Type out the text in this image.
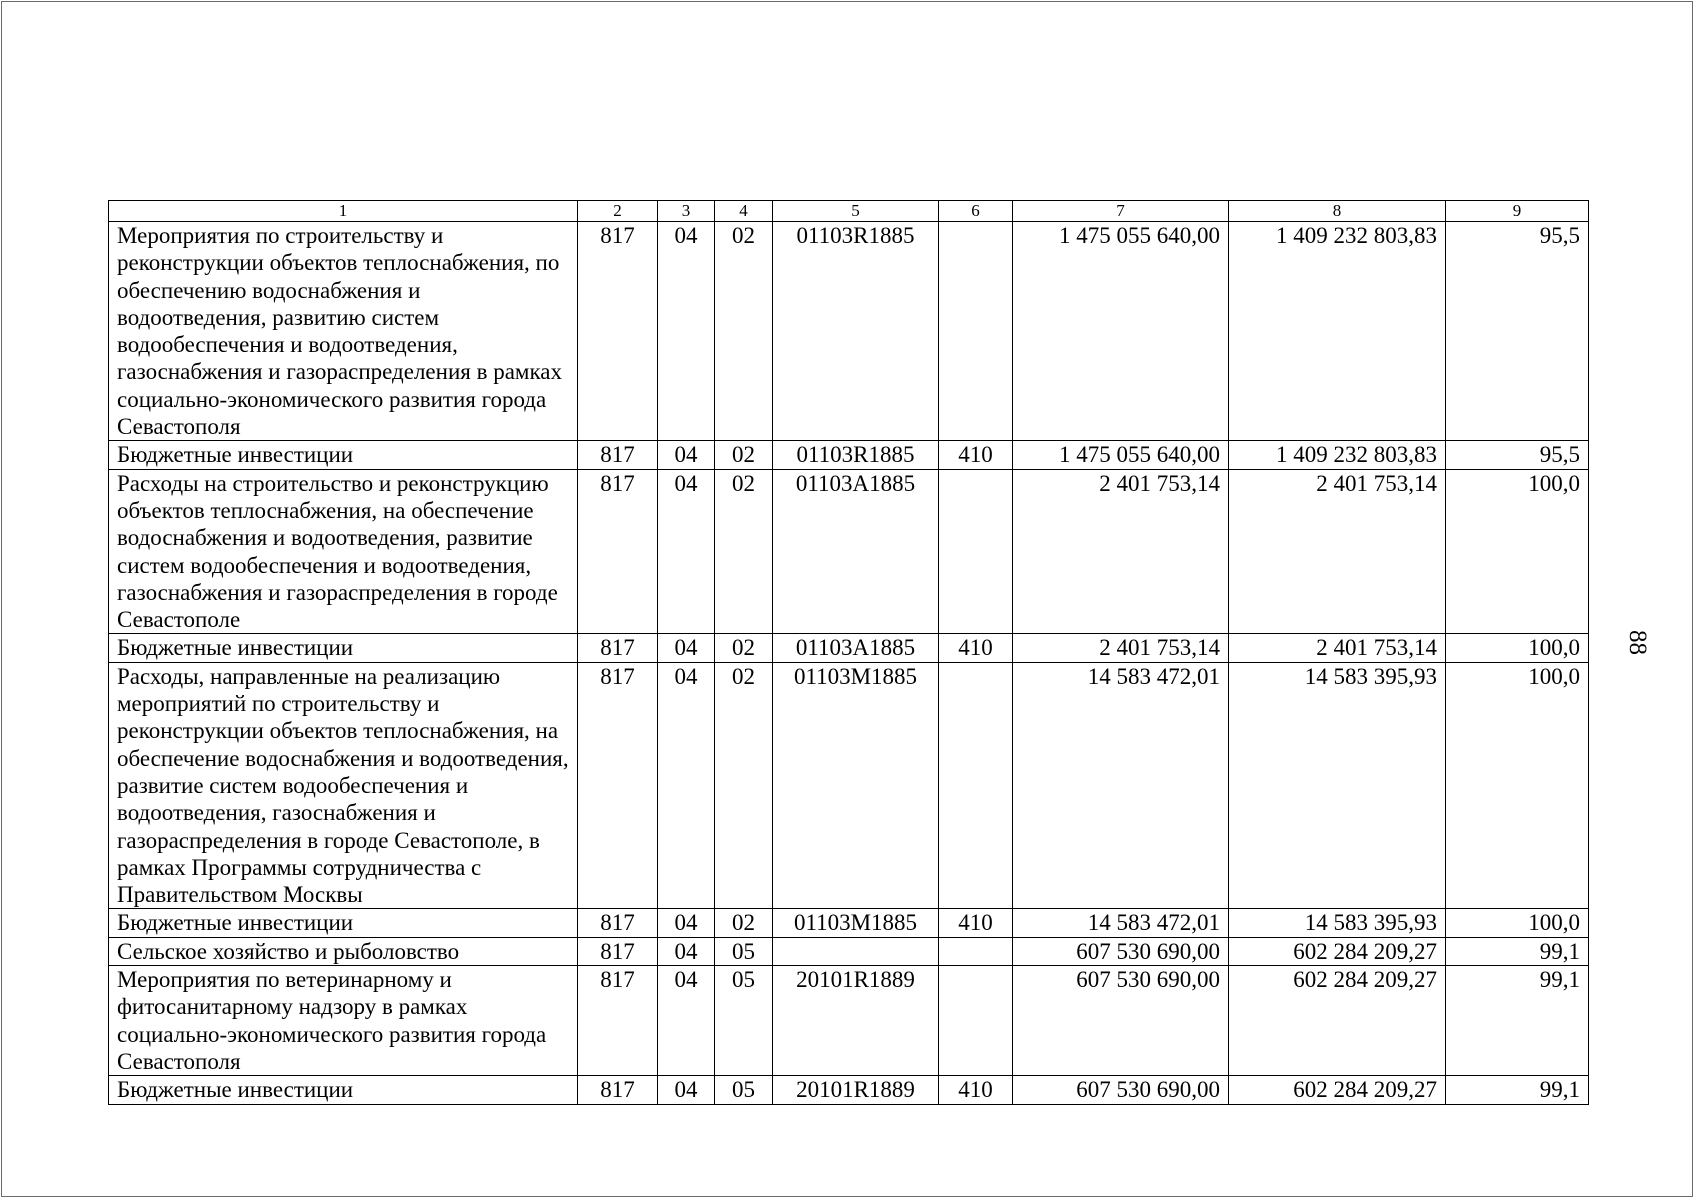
1	2	3	4	5	6	7	8	9
Мероприятия по строительству и реконструкции объектов теплоснабжения, по обеспечению водоснабжения и водоотведения, развитию систем водообеспечения и водоотведения, газоснабжения и газораспределения в рамках социально-экономического развития города Севастополя	817	04	02	01103R1885		1 475 055 640,00	1 409 232 803,83	95,5
Бюджетные инвестиции	817	04	02	01103R1885	410	1 475 055 640,00	1 409 232 803,83	95,5
Расходы на строительство и реконструкцию объектов теплоснабжения, на обеспечение водоснабжения и водоотведения, развитие систем водообеспечения и водоотведения, газоснабжения и газораспределения в городе Севастополе	817	04	02	01103А1885		2 401 753,14	2 401 753,14	100,0
Бюджетные инвестиции	817	04	02	01103А1885	410	2 401 753,14	2 401 753,14	100,0
Расходы, направленные на реализацию мероприятий по строительству и реконструкции объектов теплоснабжения, на обеспечение водоснабжения и водоотведения, развитие систем водообеспечения и водоотведения, газоснабжения и газораспределения в городе Севастополе, в рамках Программы сотрудничества с Правительством Москвы	817	04	02	01103М1885		14 583 472,01	14 583 395,93	100,0
Бюджетные инвестиции	817	04	02	01103М1885	410	14 583 472,01	14 583 395,93	100,0
Сельское хозяйство и рыболовство	817	04	05			607 530 690,00	602 284 209,27	99,1
Мероприятия по ветеринарному и фитосанитарному надзору в рамках социально-экономического развития города Севастополя	817	04	05	20101R1889		607 530 690,00	602 284 209,27	99,1
Бюджетные инвестиции	817	04	05	20101R1889	410	607 530 690,00	602 284 209,27	99,1
88
